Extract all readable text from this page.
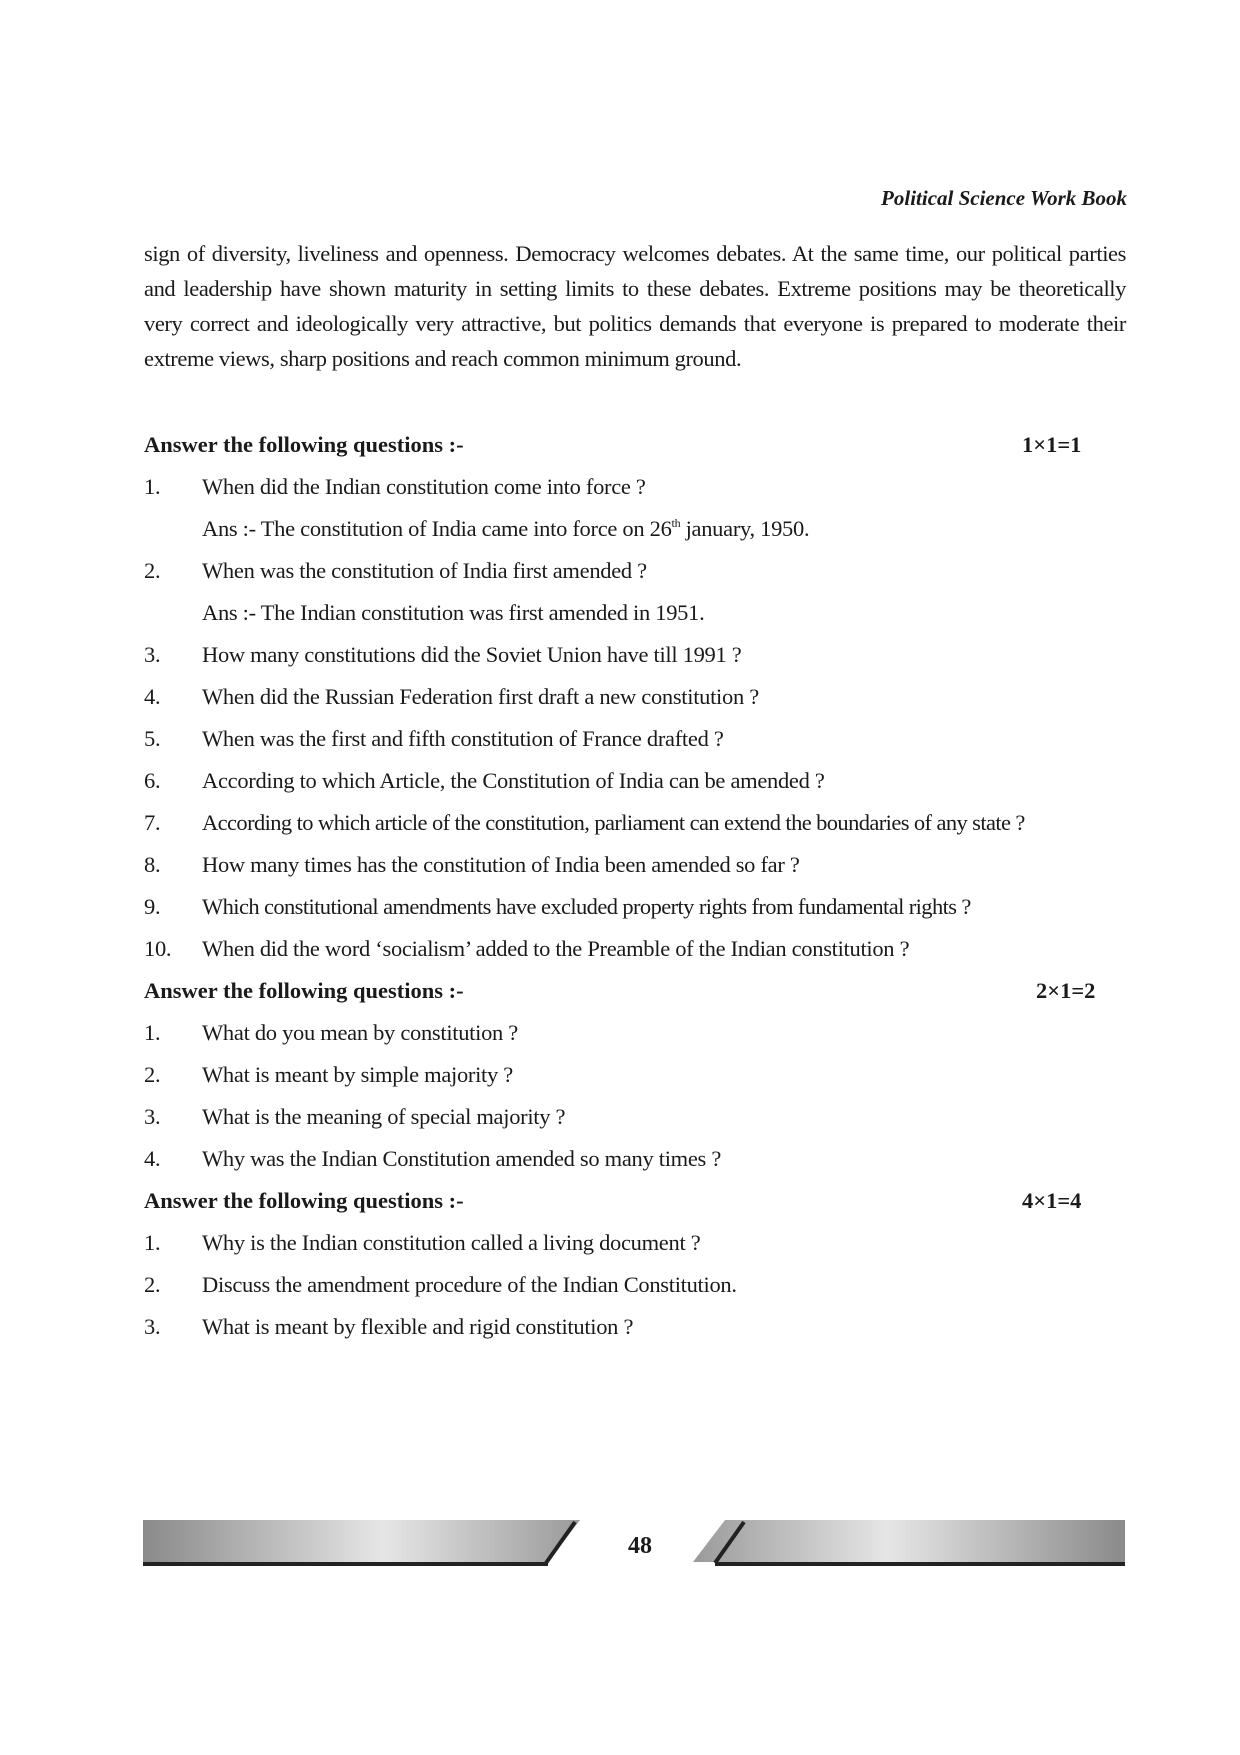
Political Science Work Book

sign of diversity, liveliness and openness. Democracy welcomes debates. At the same time, our political parties and leadership have shown maturity in setting limits to these debates. Extreme positions may be theoretically very correct and ideologically very attractive, but politics demands that everyone is prepared to moderate their extreme views, sharp positions and reach common minimum ground.

Answer the following questions :-	1×1=1
1. When did the Indian constitution come into force ?
Ans :- The constitution of India came into force on 26th january, 1950.
2. When was the constitution of India first amended ?
Ans :- The Indian constitution was first amended in 1951.
3. How many constitutions did the Soviet Union have till 1991 ?
4. When did the Russian Federation first draft a new constitution ?
5. When was the first and fifth constitution of France drafted ?
6. According to which Article, the Constitution of India can be amended ?
7. According to which article of the constitution, parliament can extend the boundaries of any state ?
8. How many times has the constitution of India been amended so far ?
9. Which constitutional amendments have excluded property rights from fundamental rights ?
10. When did the word ‘socialism’ added to the Preamble of the Indian constitution ?
Answer the following questions :-	2×1=2
1. What do you mean by constitution ?
2. What is meant by simple majority ?
3. What is the meaning of special majority ?
4. Why was the Indian Constitution amended so many times ?
Answer the following questions :-	4×1=4
1. Why is the Indian constitution called a living document ?
2. Discuss the amendment procedure of the Indian Constitution.
3. What is meant by flexible and rigid constitution ?
48
